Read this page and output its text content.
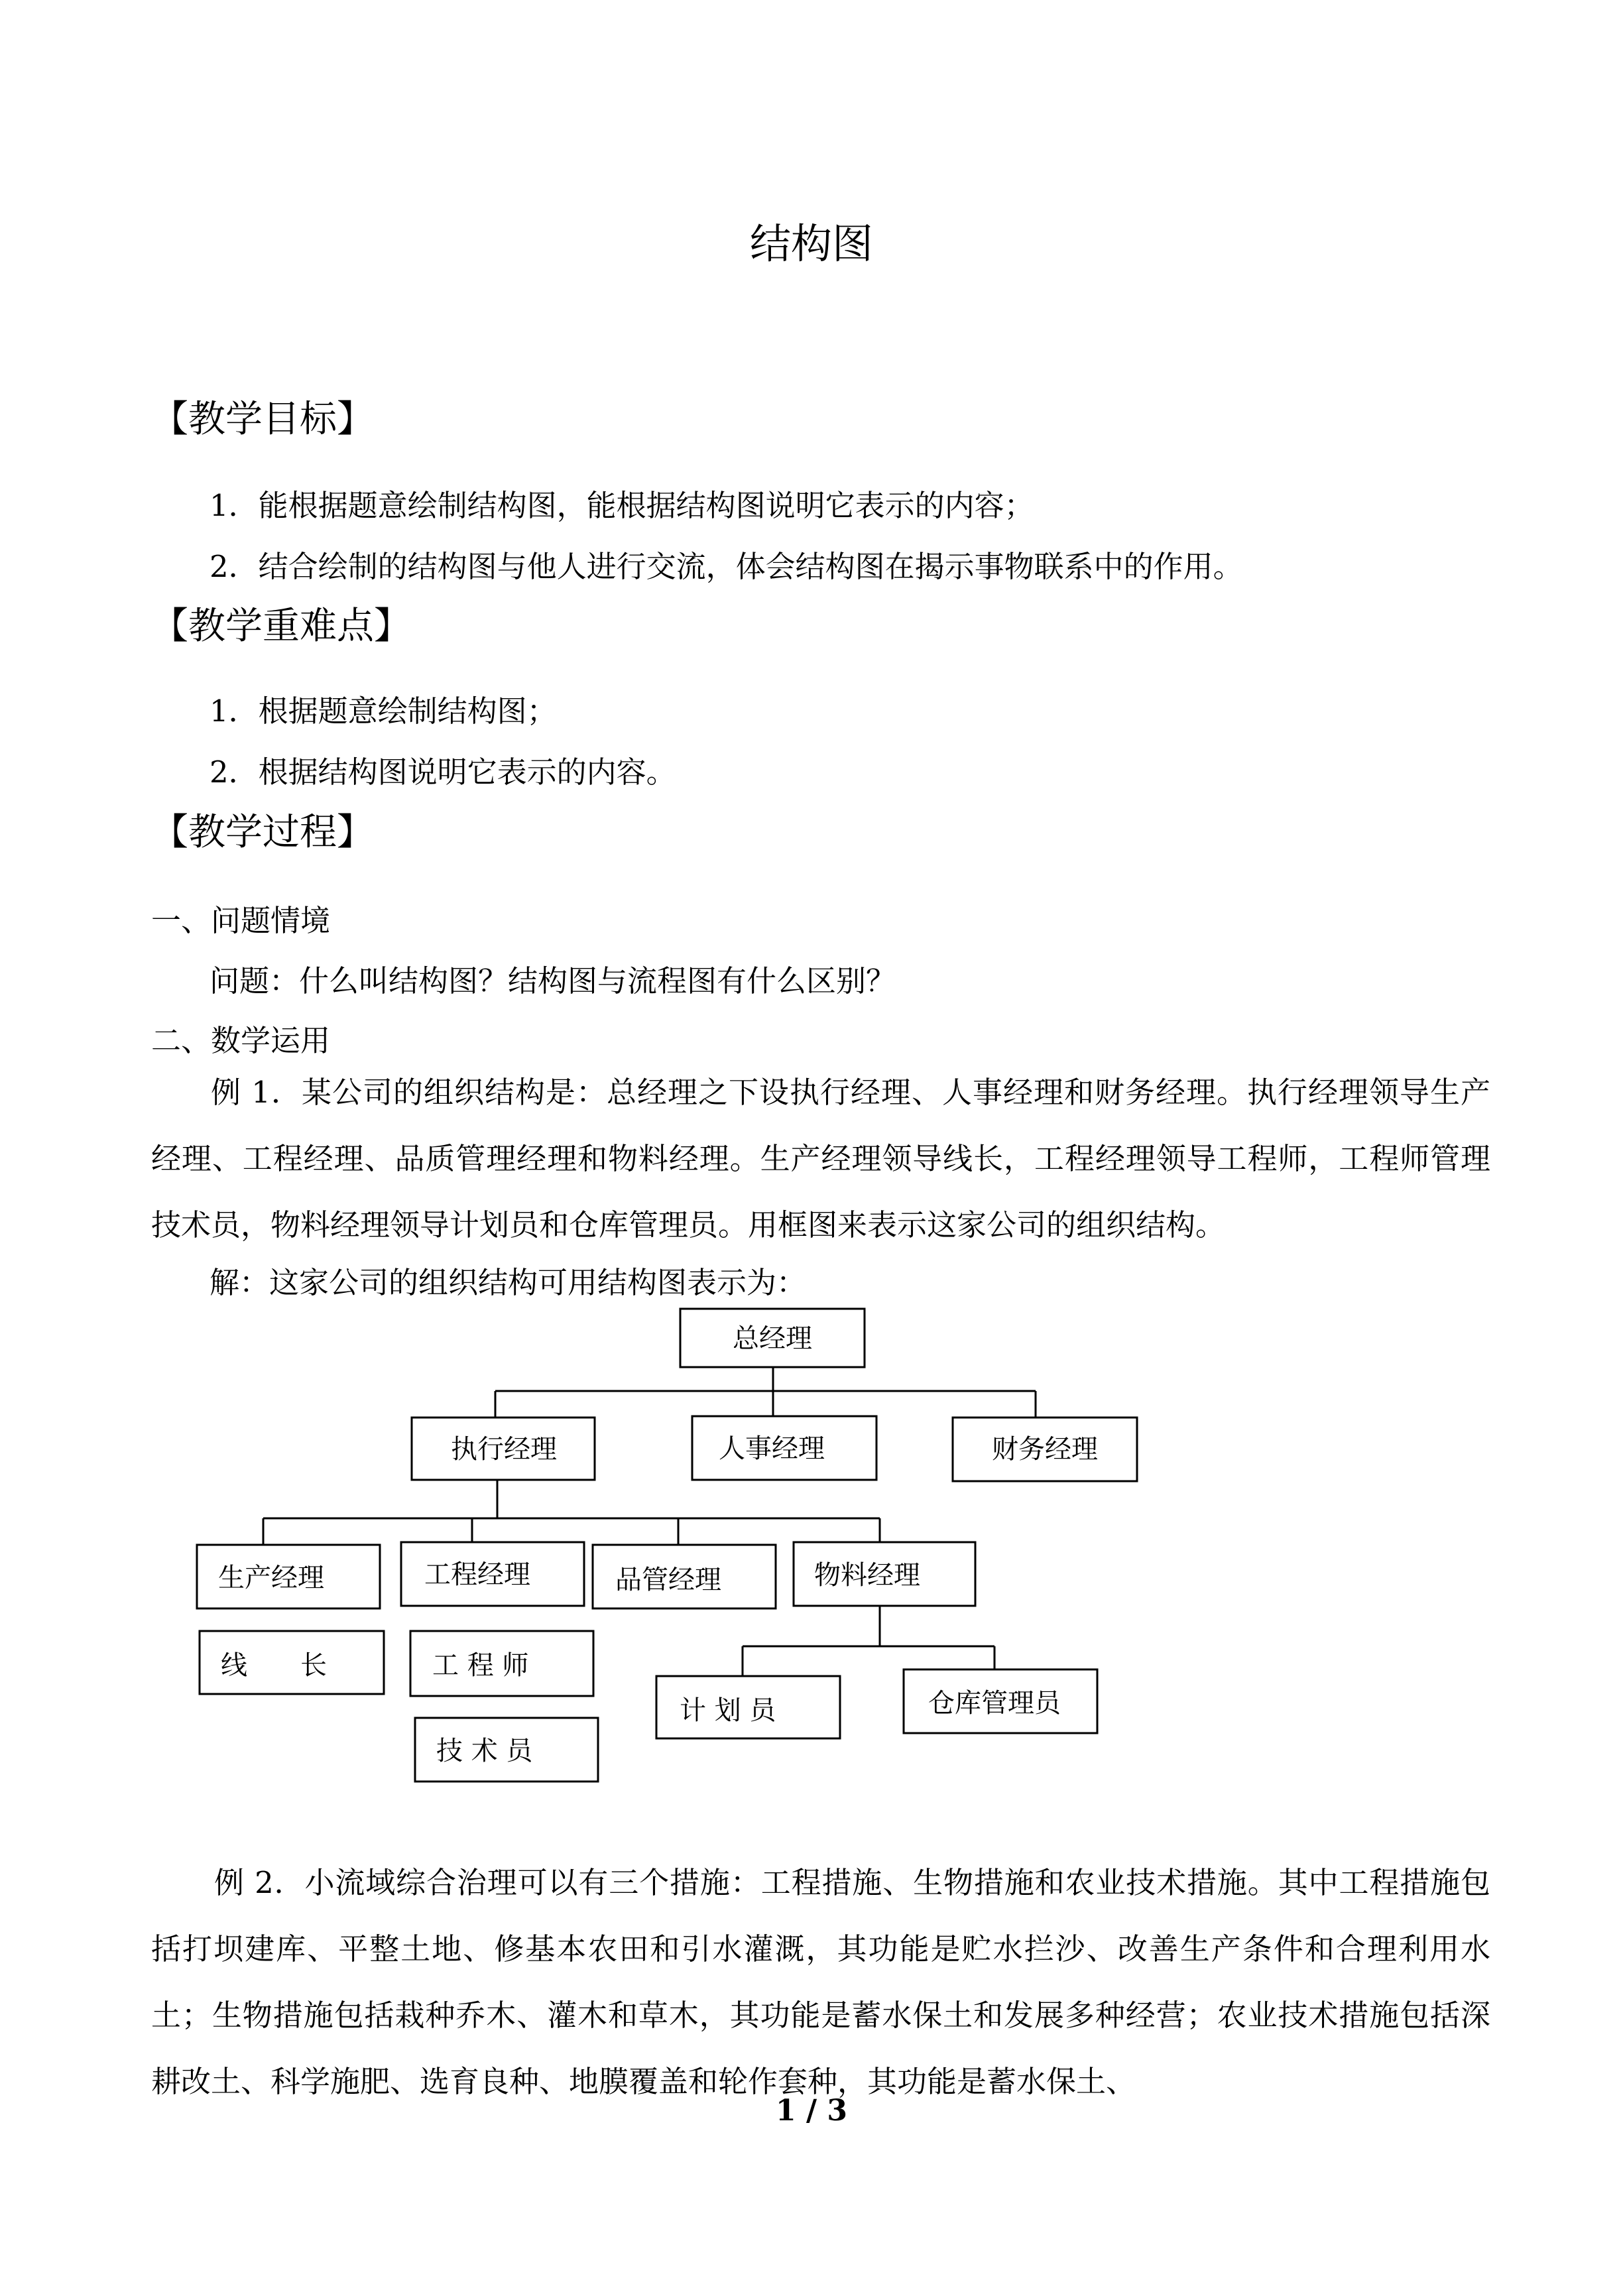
结构图
【教学目标】
1．能根据题意绘制结构图，能根据结构图说明它表示的内容；
2．结合绘制的结构图与他人进行交流，体会结构图在揭示事物联系中的作用。
【教学重难点】
1．根据题意绘制结构图；
2．根据结构图说明它表示的内容。
【教学过程】
一、问题情境
问题：什么叫结构图？结构图与流程图有什么区别？
二、数学运用

例 1．某公司的组织结构是：总经理之下设执行经理、人事经理和财务经理。执行经理领导生产经理、工程经理、品质管理经理和物料经理。生产经理领导线长，工程经理领导工程师，工程师管理技术员，物料经理领导计划员和仓库管理员。用框图来表示这家公司的组织结构。

解：这家公司的组织结构可用结构图表示为：
总经理
执行经理	人事经理	财务经理
生产经理	工程经理	品管经理	物料经理
线　　长	工 程 师
技 术 员
计 划 员	仓库管理员

例 2．小流域综合治理可以有三个措施：工程措施、生物措施和农业技术措施。其中工程措施包括打坝建库、平整土地、修基本农田和引水灌溉，其功能是贮水拦沙、改善生产条件和合理利用水土；生物措施包括栽种乔木、灌木和草木，其功能是蓄水保土和发展多种经营；农业技术措施包括深耕改土、科学施肥、选育良种、地膜覆盖和轮作套种，其功能是蓄水保土、

1 / 3
